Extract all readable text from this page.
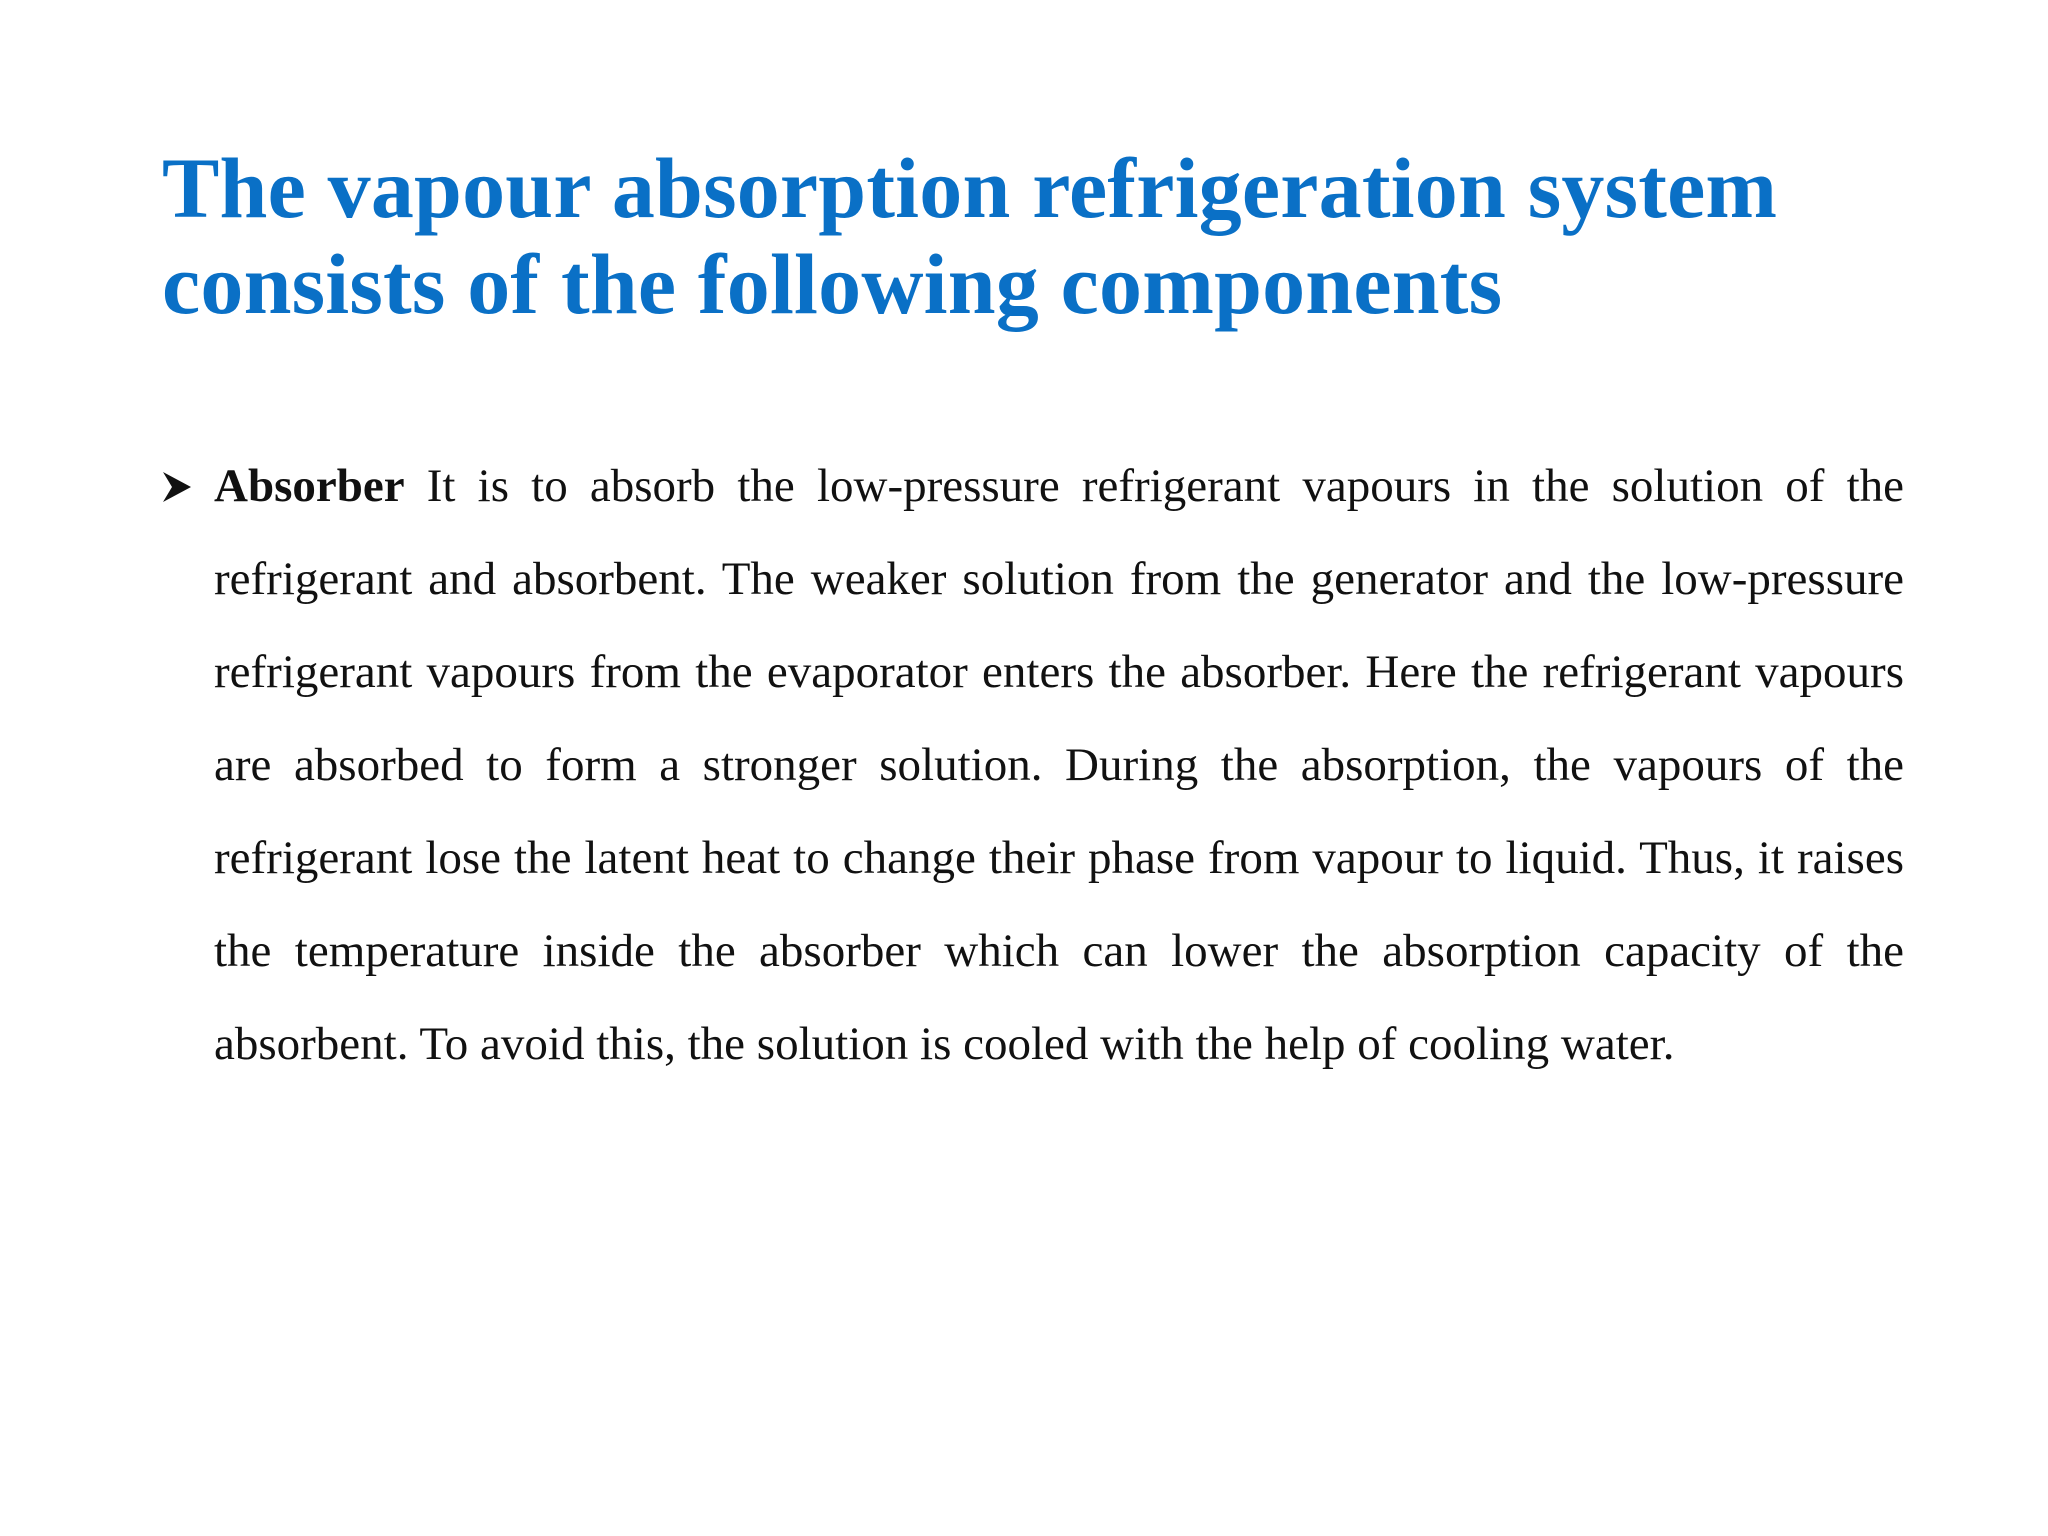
The vapour absorption refrigeration system
consists of the following components

Absorber It is to absorb the low-pressure refrigerant vapours in the solution of the refrigerant and absorbent. The weaker solution from the generator and the low-pressure refrigerant vapours from the evaporator enters the absorber. Here the refrigerant vapours are absorbed to form a stronger solution. During the absorption, the vapours of the refrigerant lose the latent heat to change their phase from vapour to liquid. Thus, it raises the temperature inside the absorber which can lower the absorption capacity of the absorbent. To avoid this, the solution is cooled with the help of cooling water.
